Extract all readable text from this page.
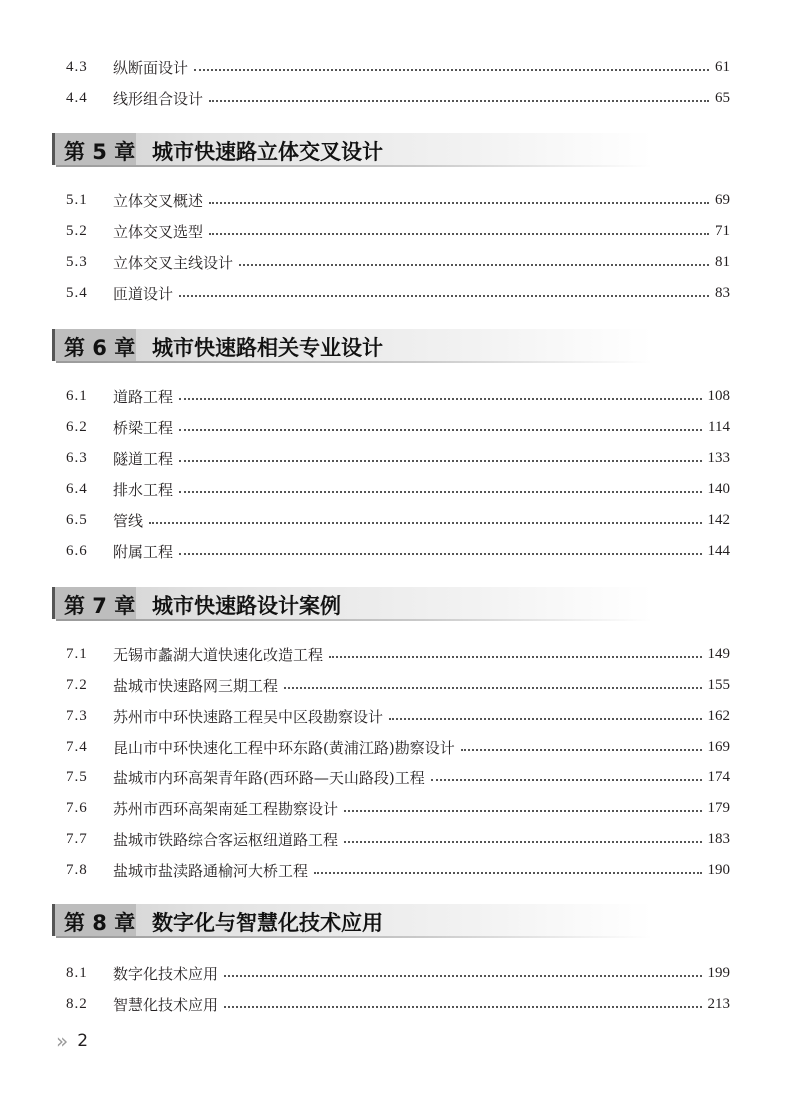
4.3	纵断面设计	61
4.4	线形组合设计	65
第 5 章 城市快速路立体交叉设计
5.1	立体交叉概述	69
5.2	立体交叉选型	71
5.3	立体交叉主线设计	81
5.4	匝道设计	83
第 6 章 城市快速路相关专业设计
6.1	道路工程	108
6.2	桥梁工程	114
6.3	隧道工程	133
6.4	排水工程	140
6.5	管线	142
6.6	附属工程	144
第 7 章 城市快速路设计案例
7.1	无锡市蠡湖大道快速化改造工程	149
7.2	盐城市快速路网三期工程	155
7.3	苏州市中环快速路工程吴中区段勘察设计	162
7.4	昆山市中环快速化工程中环东路(黄浦江路)勘察设计	169
7.5	盐城市内环高架青年路(西环路—天山路段)工程	174
7.6	苏州市西环高架南延工程勘察设计	179
7.7	盐城市铁路综合客运枢纽道路工程	183
7.8	盐城市盐渎路通榆河大桥工程	190
第 8 章 数字化与智慧化技术应用
8.1	数字化技术应用	199
8.2	智慧化技术应用	213
» 2
